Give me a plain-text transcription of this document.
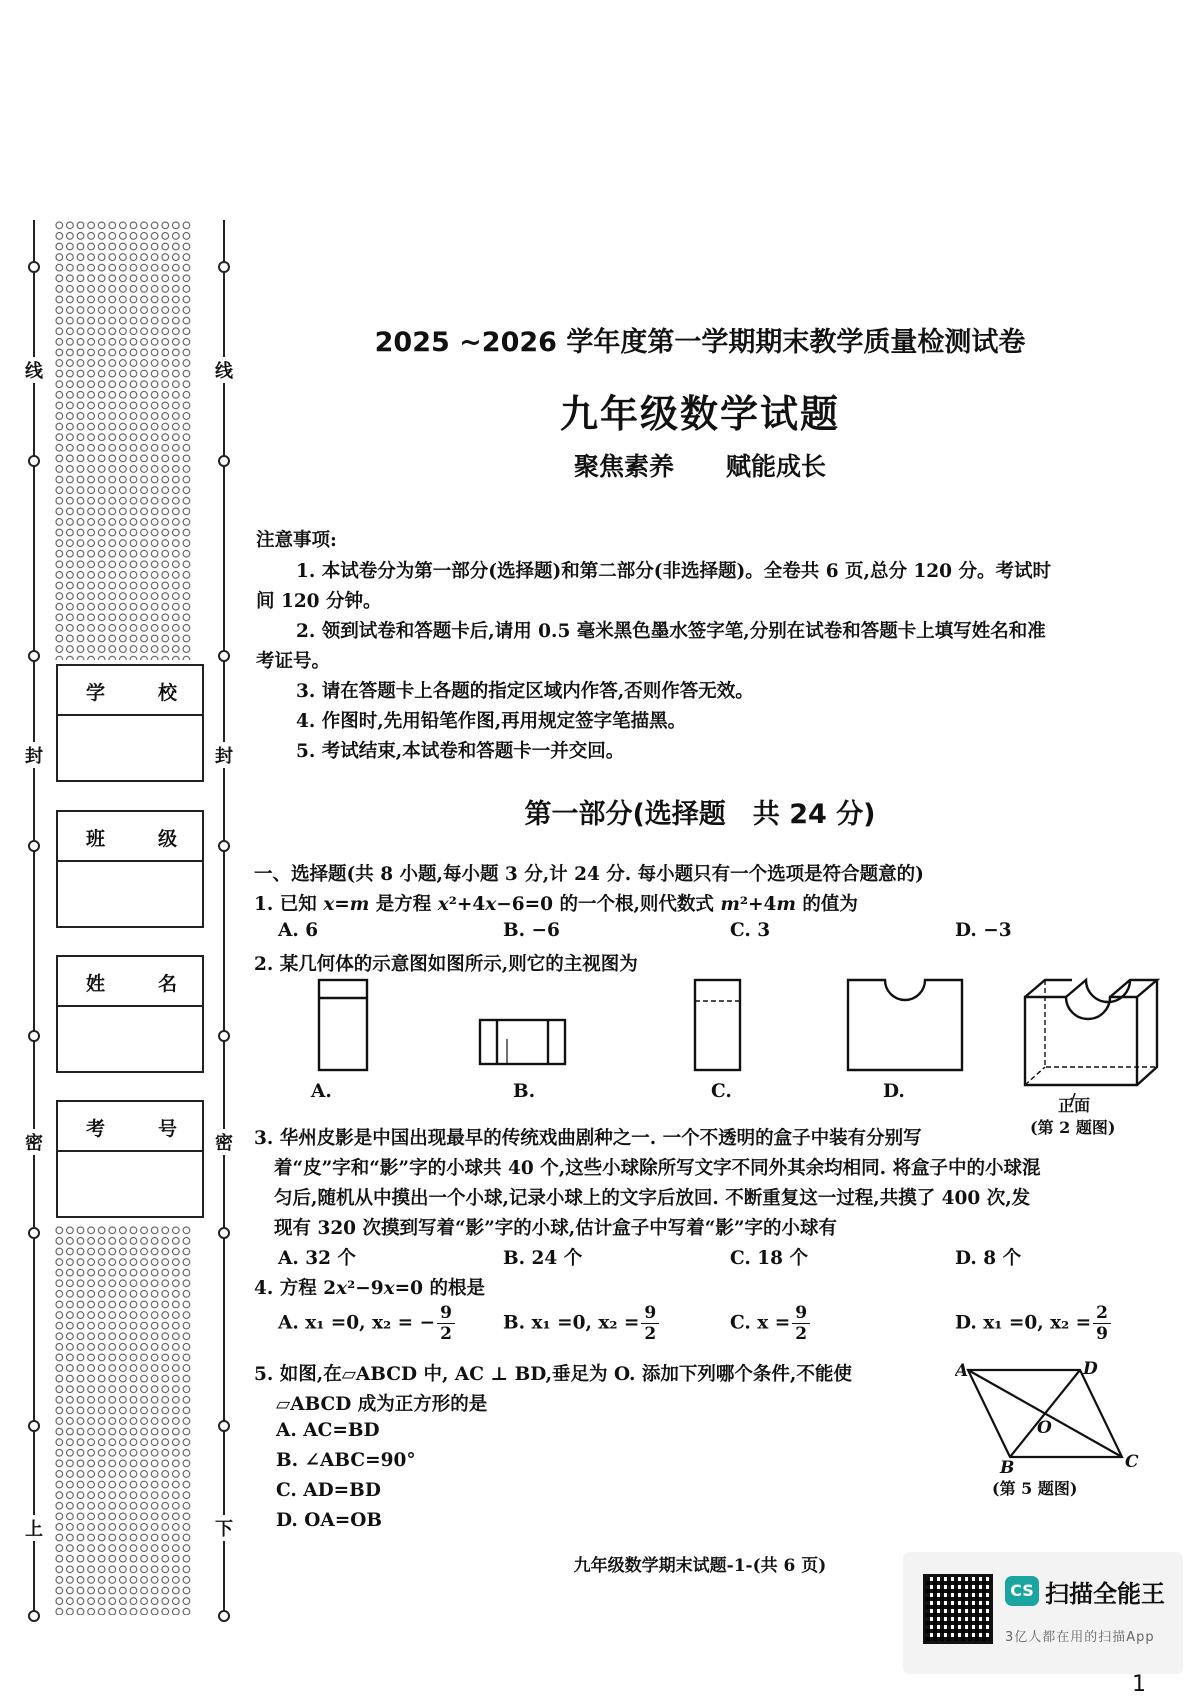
线
封
密
上
线
封
密
下
学	校
班	级
姓	名
考	号
2025 ~2026 学年度第一学期期末教学质量检测试卷
九年级数学试题
聚焦素养 赋能成长
注意事项:
1. 本试卷分为第一部分(选择题)和第二部分(非选择题)。全卷共 6 页,总分 120 分。考试时
间 120 分钟。
2. 领到试卷和答题卡后,请用 0.5 毫米黑色墨水签字笔,分别在试卷和答题卡上填写姓名和准
考证号。
3. 请在答题卡上各题的指定区域内作答,否则作答无效。
4. 作图时,先用铅笔作图,再用规定签字笔描黑。
5. 考试结束,本试卷和答题卡一并交回。
第一部分(选择题　共 24 分)
一、选择题(共 8 小题,每小题 3 分,计 24 分. 每小题只有一个选项是符合题意的)
1. 已知 x=m 是方程 x²+4x−6=0 的一个根,则代数式 m²+4m 的值为
A. 6	B. −6	C. 3	D. −3
2. 某几何体的示意图如图所示,则它的主视图为
A.	B.	C.	D.
正面
(第 2 题图)
3. 华州皮影是中国出现最早的传统戏曲剧种之一. 一个不透明的盒子中装有分别写
着“皮”字和“影”字的小球共 40 个,这些小球除所写文字不同外其余均相同. 将盒子中的小球混
匀后,随机从中摸出一个小球,记录小球上的文字后放回. 不断重复这一过程,共摸了 400 次,发
现有 320 次摸到写着“影”字的小球,估计盒子中写着“影”字的小球有
A. 32 个	B. 24 个	C. 18 个	D. 8 个
4. 方程 2x²−9x=0 的根是
A. x₁ =0, x₂ = − $\frac{9}{2}$	B. x₁ =0, $x_2 = \frac{9}{2}$	C. $x = \frac{9}{2}$	D. x₁ =0, $x_2 = \frac{2}{9}$
5. 如图,在▱ABCD 中, AC ⊥ BD,垂足为 O. 添加下列哪个条件,不能使
▱ABCD 成为正方形的是
A. AC=BD
B. ∠ABC=90°
C. AD=BD
D. OA=OB
A	D
O
B	C
(第 5 题图)
九年级数学期末试题-1-(共 6 页)
CS 扫描全能王
3亿人都在用的扫描App
1
